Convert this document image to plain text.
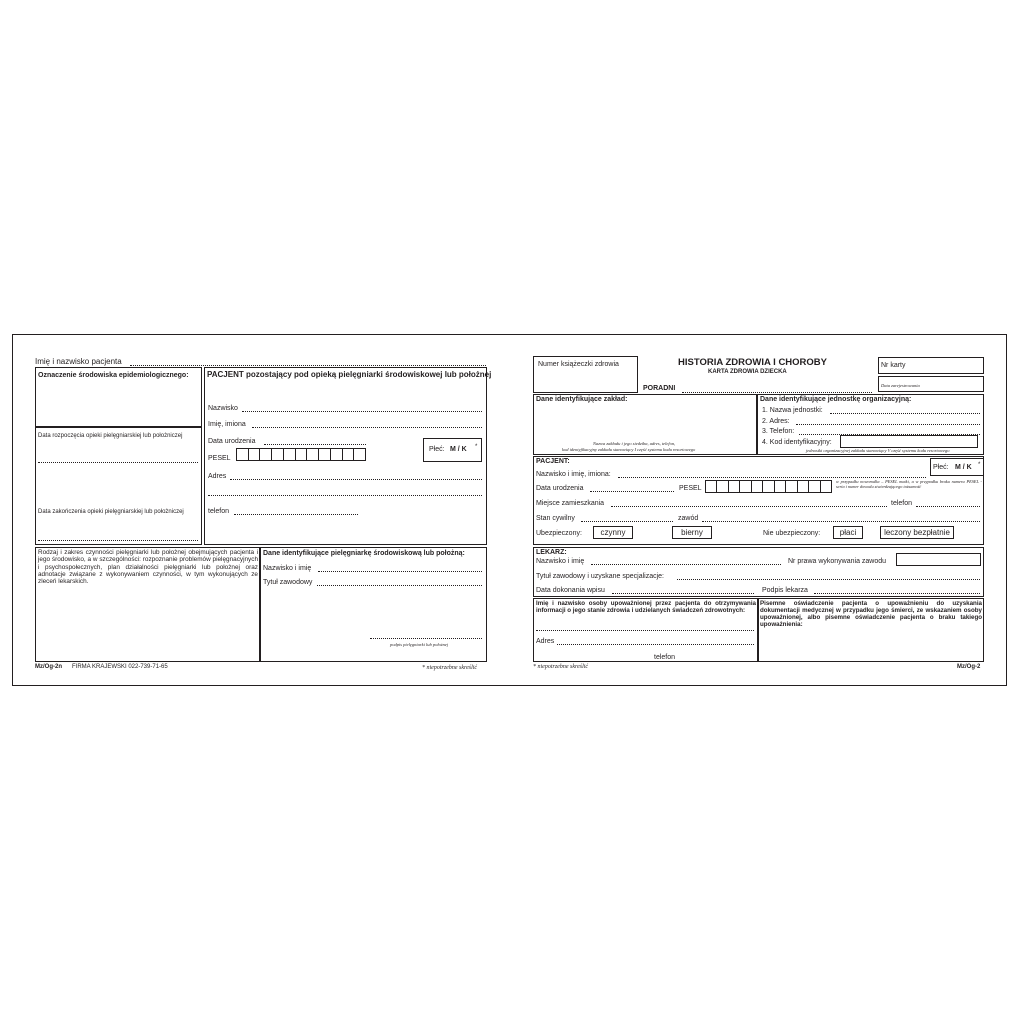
Imię i nazwisko pacjenta
Oznaczenie środowiska epidemiologicznego:
Data rozpoczęcia opieki pielęgniarskiej lub położniczej
Data zakończenia opieki pielęgniarskiej lub położniczej
PACJENT pozostający pod opieką pielęgniarki środowiskowej lub położnej
Nazwisko
Imię, imiona
Data urodzenia
PESEL
Płeć: M / K *
Adres
telefon
Rodzaj i zakres czynności pielęgniarki lub położnej obejmujących pacjenta i jego środowisko, a w szczególności: rozpoznanie problemów pielęgnacyjnych i psychospołecznych, plan działalności pielęgniarki lub położnej oraz adnotacje związane z wykonywaniem czynności, w tym wykonujących ze zleceń lekarskich.
Dane identyfikujące pielęgniarkę środowiskową lub położną:
Nazwisko i imię
Tytuł zawodowy
podpis pielęgniarki lub położnej
Mz/Og-2n FIRMA KRAJEWSKI 022-739-71-65	* niepotrzebne skreślić
Numer książeczki zdrowia	HISTORIA ZDROWIA I CHOROBY
KARTA ZDROWIA DZIECKA
Nr karty
Data zarejestrowania
PORADNI
Dane identyfikujące zakład:
Nazwa zakładu i jego siedziba, adres, telefon,
kod identyfikacyjny zakładu stanowiący I część systemu kodu resortowego
Dane identyfikujące jednostkę organizacyjną:
1. Nazwa jednostki:
2. Adres:
3. Telefon:
4. Kod identyfikacyjny:
jednostki organizacyjnej zakładu stanowiący V część systemu kodu resortowego
PACJENT:
Płeć: M / K *
Nazwisko i imię, imiona:
Data urodzenia	PESEL
w przypadku noworodka – PESEL matki, a w przypadku braku numeru PESEL - seria i numer dowodu stwierdzającego tożsamość
Miejsce zamieszkania	telefon
Stan cywilny	zawód
Ubezpieczony:	czynny	bierny	Nie ubezpieczony:	płaci	leczony bezpłatnie
LEKARZ:
Nazwisko i imię	Nr prawa wykonywania zawodu
Tytuł zawodowy i uzyskane specjalizacje:
Data dokonania wpisu	Podpis lekarza
Imię i nazwisko osoby upoważnionej przez pacjenta do otrzymywania informacji o jego stanie zdrowia i udzielanych świadczeń zdrowotnych:
Adres
telefon
Pisemne oświadczenie pacjenta o upoważnieniu do uzyskania dokumentacji medycznej w przypadku jego śmierci, ze wskazaniem osoby upoważnionej, albo pisemne oświadczenie pacjenta o braku takiego upoważnienia:
* niepotrzebne skreślić	Mz/Og-2
